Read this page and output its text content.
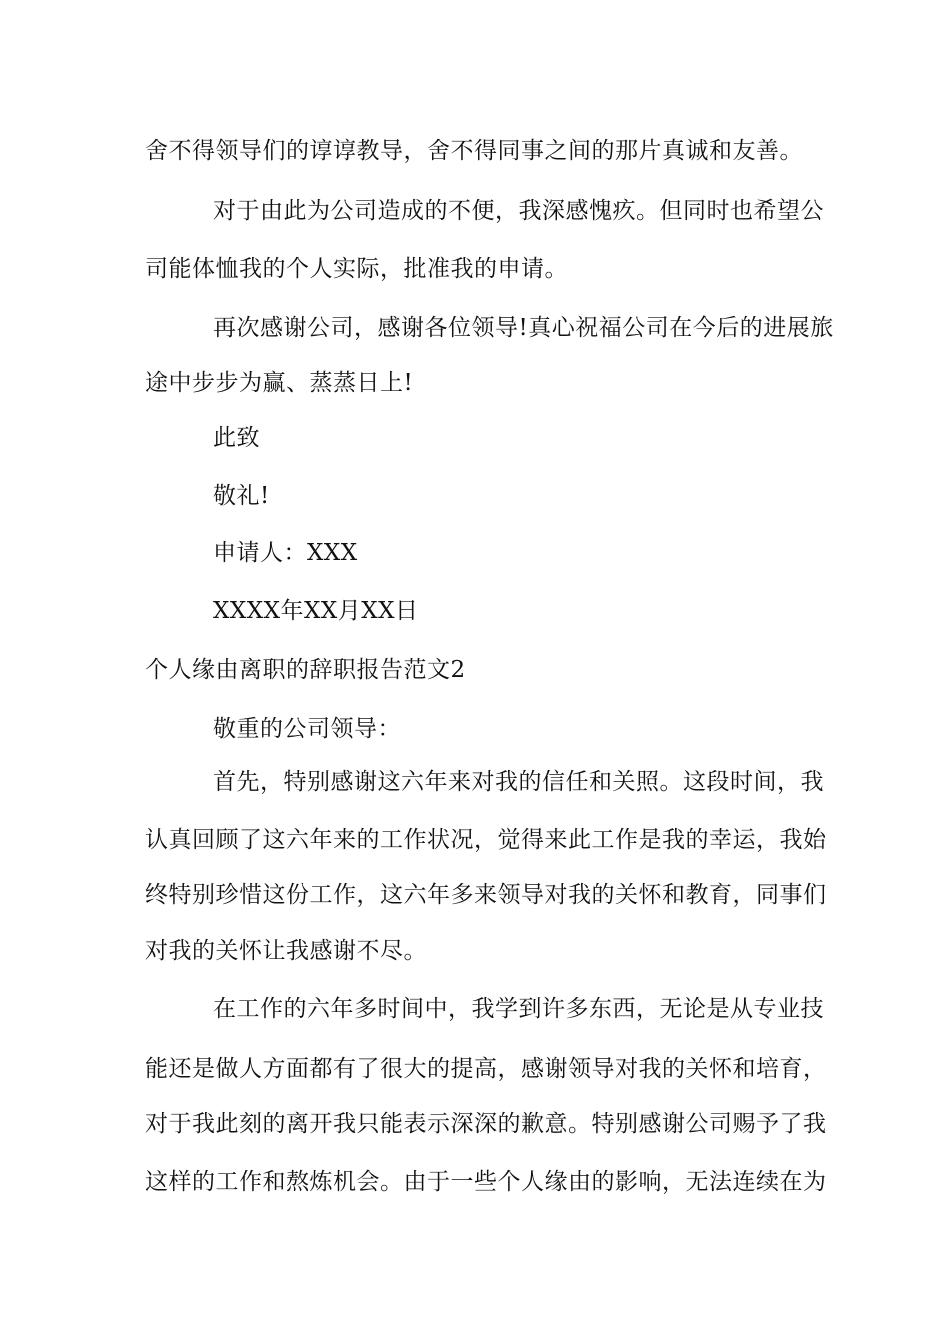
舍不得领导们的谆谆教导，舍不得同事之间的那片真诚和友善。
对于由此为公司造成的不便，我深感愧疚。但同时也希望公
司能体恤我的个人实际，批准我的申请。
再次感谢公司，感谢各位领导!真心祝福公司在今后的进展旅
途中步步为赢、蒸蒸日上!
此致
敬礼!
申请人：XXX
XXXX年XX月XX日
个人缘由离职的辞职报告范文2
敬重的公司领导：
首先，特别感谢这六年来对我的信任和关照。这段时间，我
认真回顾了这六年来的工作状况，觉得来此工作是我的幸运，我始
终特别珍惜这份工作，这六年多来领导对我的关怀和教育，同事们
对我的关怀让我感谢不尽。
在工作的六年多时间中，我学到许多东西，无论是从专业技
能还是做人方面都有了很大的提高，感谢领导对我的关怀和培育，
对于我此刻的离开我只能表示深深的歉意。特别感谢公司赐予了我
这样的工作和熬炼机会。由于一些个人缘由的影响，无法连续在为
